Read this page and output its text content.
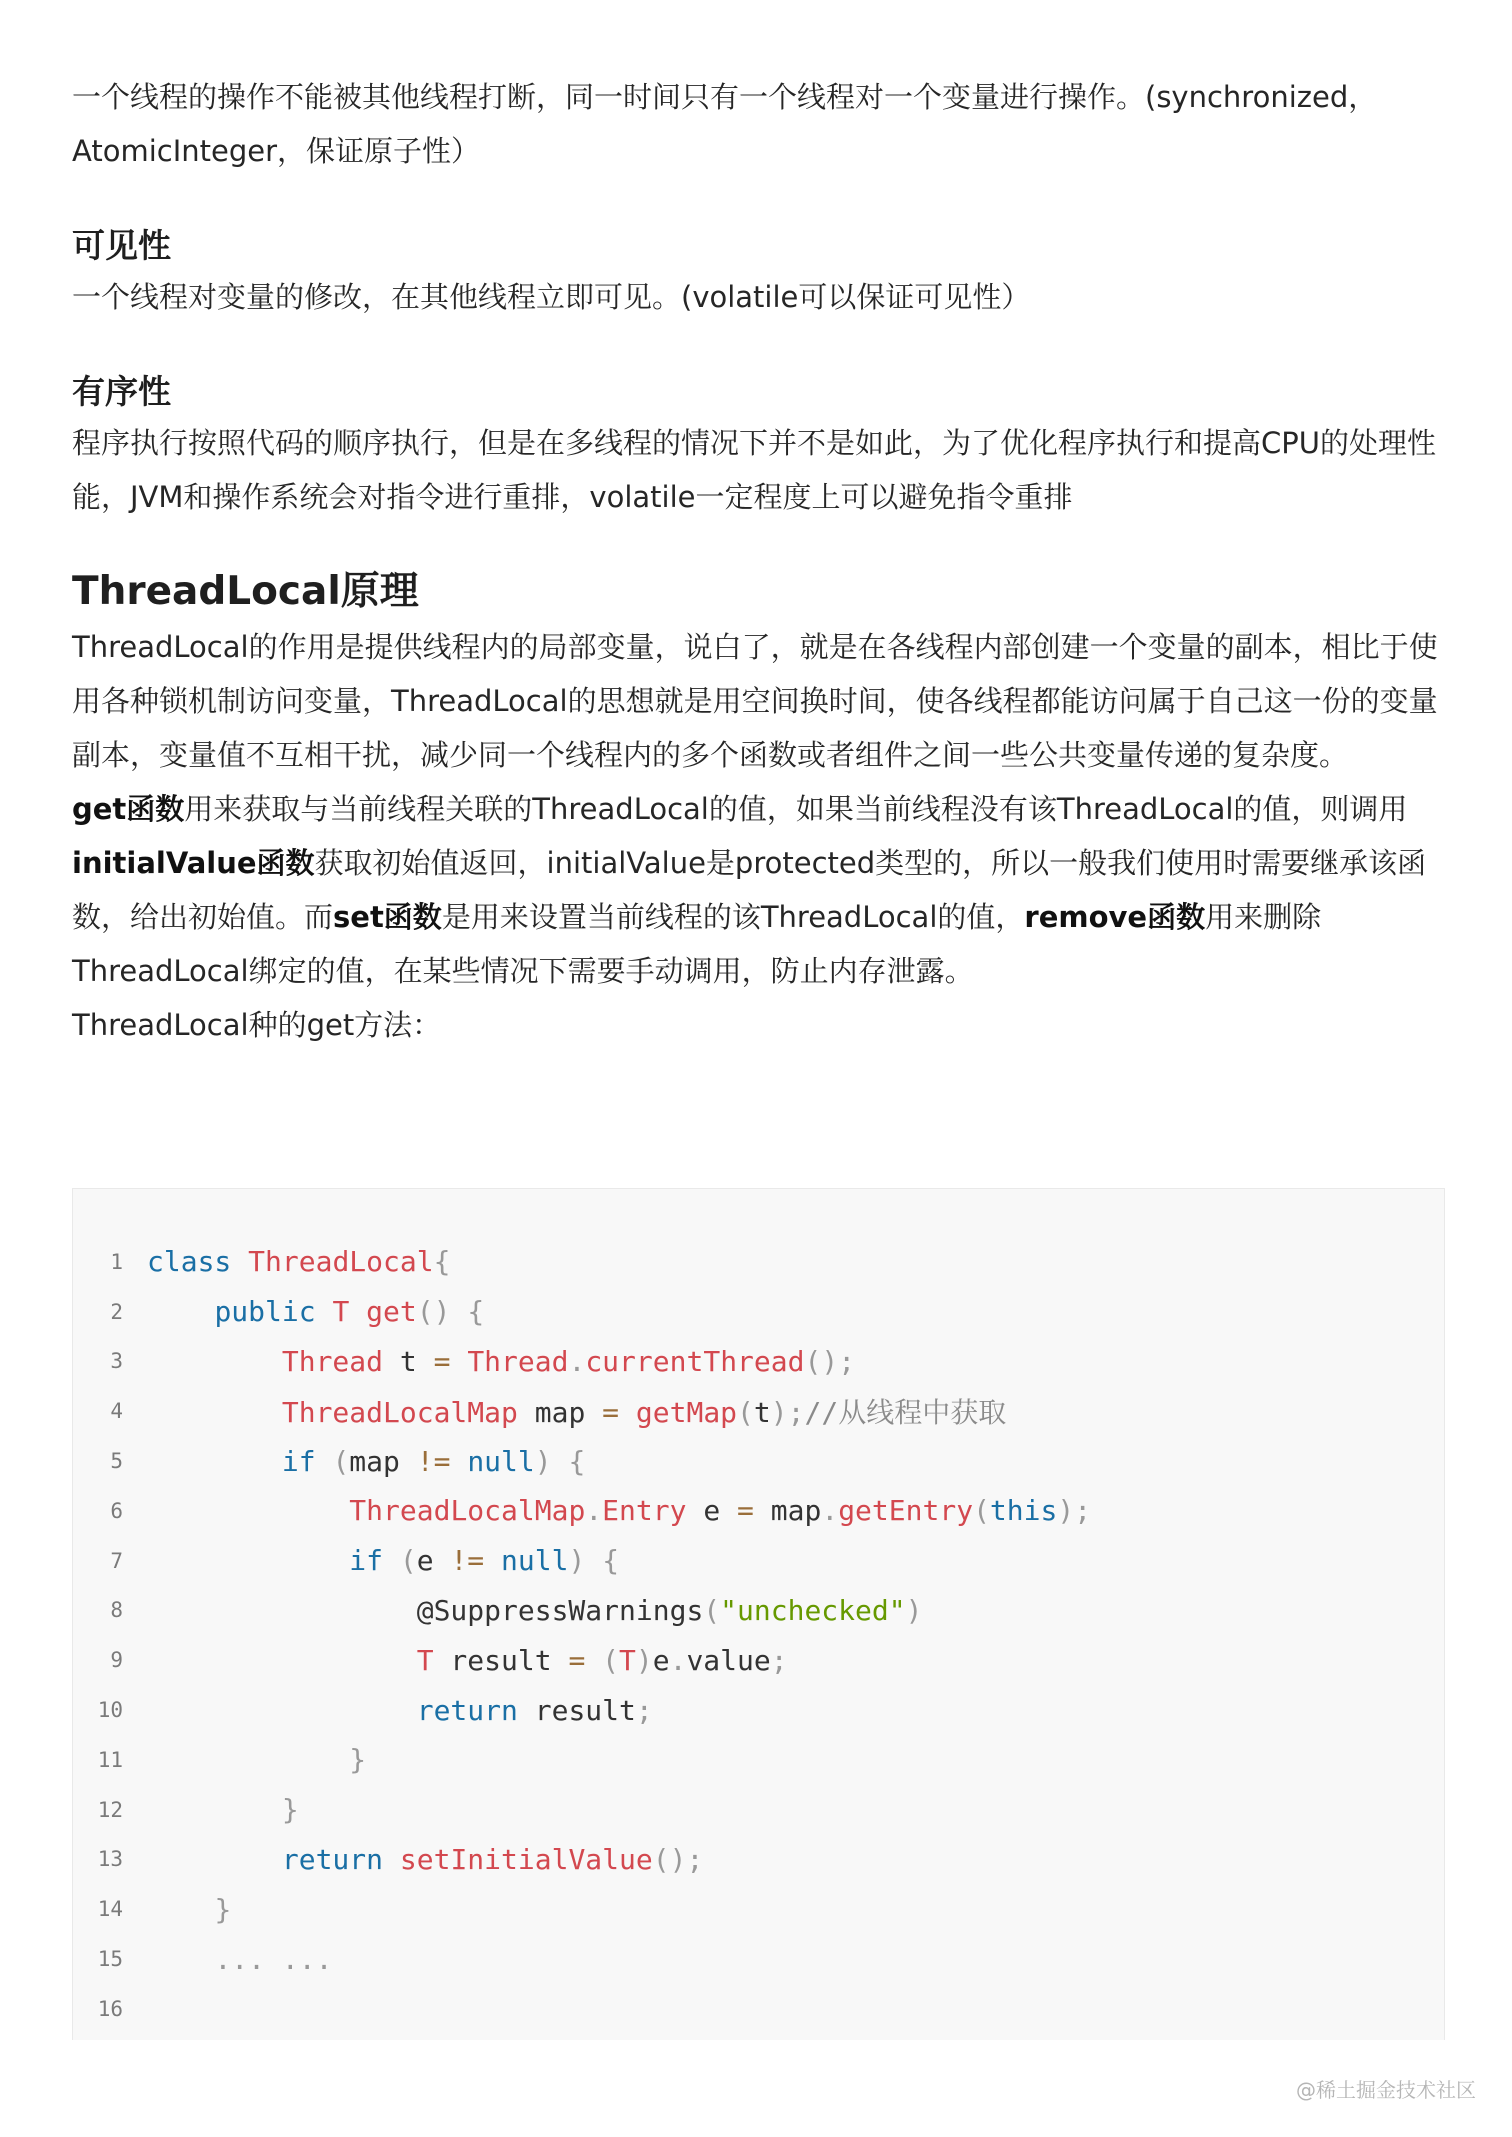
一个线程的操作不能被其他线程打断，同一时间只有一个线程对一个变量进行操作。(synchronized，AtomicInteger，保证原子性）

可见性

一个线程对变量的修改，在其他线程立即可见。(volatile可以保证可见性）

有序性

程序执行按照代码的顺序执行，但是在多线程的情况下并不是如此，为了优化程序执行和提高CPU的处理性能，JVM和操作系统会对指令进行重排，volatile一定程度上可以避免指令重排

ThreadLocal原理

ThreadLocal的作用是提供线程内的局部变量，说白了，就是在各线程内部创建一个变量的副本，相比于使用各种锁机制访问变量，ThreadLocal的思想就是用空间换时间，使各线程都能访问属于自己这一份的变量副本，变量值不互相干扰，减少同一个线程内的多个函数或者组件之间一些公共变量传递的复杂度。

get函数用来获取与当前线程关联的ThreadLocal的值，如果当前线程没有该ThreadLocal的值，则调用initialValue函数获取初始值返回，initialValue是protected类型的，所以一般我们使用时需要继承该函数，给出初始值。而set函数是用来设置当前线程的该ThreadLocal的值，remove函数用来删除ThreadLocal绑定的值，在某些情况下需要手动调用，防止内存泄露。

ThreadLocal种的get方法：

1 class ThreadLocal{
2	public T get() {
3	Thread t = Thread.currentThread();
4	ThreadLocalMap map = getMap(t);//从线程中获取
5	if (map != null) {
6	ThreadLocalMap.Entry e = map.getEntry(this);
7	if (e != null) {
8	@SuppressWarnings("unchecked")
9	T result = (T)e.value;
10	return result;
11	}
12	}
13	return setInitialValue();
14	}
15	... ...
16
@稀土掘金技术社区
